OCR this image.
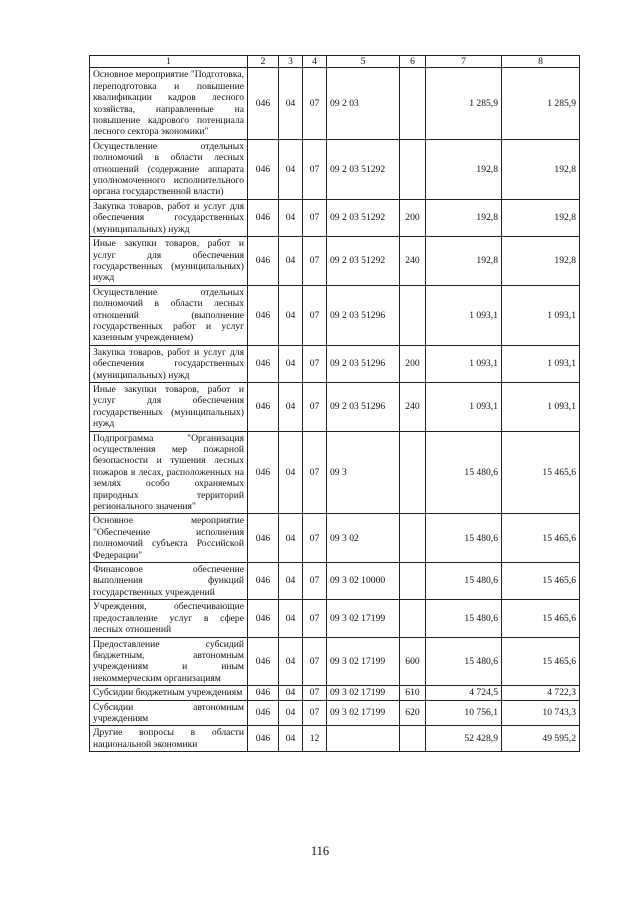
1	2	3	4	5	6	7	8
Основное мероприятие "Подготовка, переподготовка и повышение квалификации кадров лесного хозяйства, направленные на повышение кадрового потенциала лесного сектора экономики"	046	04	07	09 2 03		1 285,9	1 285,9
Осуществление отдельных полномочий в области лесных отношений (содержание аппарата уполномоченного исполнительного органа государственной власти)	046	04	07	09 2 03 51292		192,8	192,8
Закупка товаров, работ и услуг для обеспечения государственных (муниципальных) нужд	046	04	07	09 2 03 51292	200	192,8	192,8
Иные закупки товаров, работ и услуг для обеспечения государственных (муниципальных) нужд	046	04	07	09 2 03 51292	240	192,8	192,8
Осуществление отдельных полномочий в области лесных отношений (выполнение государственных работ и услуг казенным учреждением)	046	04	07	09 2 03 51296		1 093,1	1 093,1
Закупка товаров, работ и услуг для обеспечения государственных (муниципальных) нужд	046	04	07	09 2 03 51296	200	1 093,1	1 093,1
Иные закупки товаров, работ и услуг для обеспечения государственных (муниципальных) нужд	046	04	07	09 2 03 51296	240	1 093,1	1 093,1
Подпрограмма "Организация осуществления мер пожарной безопасности и тушения лесных пожаров в лесах, расположенных на землях особо охраняемых природных территорий регионального значения"	046	04	07	09 3		15 480,6	15 465,6
Основное мероприятие "Обеспечение исполнения полномочий субъекта Российской Федерации"	046	04	07	09 3 02		15 480,6	15 465,6
Финансовое обеспечение выполнения функций государственных учреждений	046	04	07	09 3 02 10000		15 480,6	15 465,6
Учреждения, обеспечивающие предоставление услуг в сфере лесных отношений	046	04	07	09 3 02 17199		15 480,6	15 465,6
Предоставление субсидий бюджетным, автономным учреждениям и иным некоммерческим организациям	046	04	07	09 3 02 17199	600	15 480,6	15 465,6
Субсидии бюджетным учреждениям	046	04	07	09 3 02 17199	610	4 724,5	4 722,3
Субсидии автономным учреждениям	046	04	07	09 3 02 17199	620	10 756,1	10 743,3
Другие вопросы в области национальной экономики	046	04	12			52 428,9	49 595,2
116
